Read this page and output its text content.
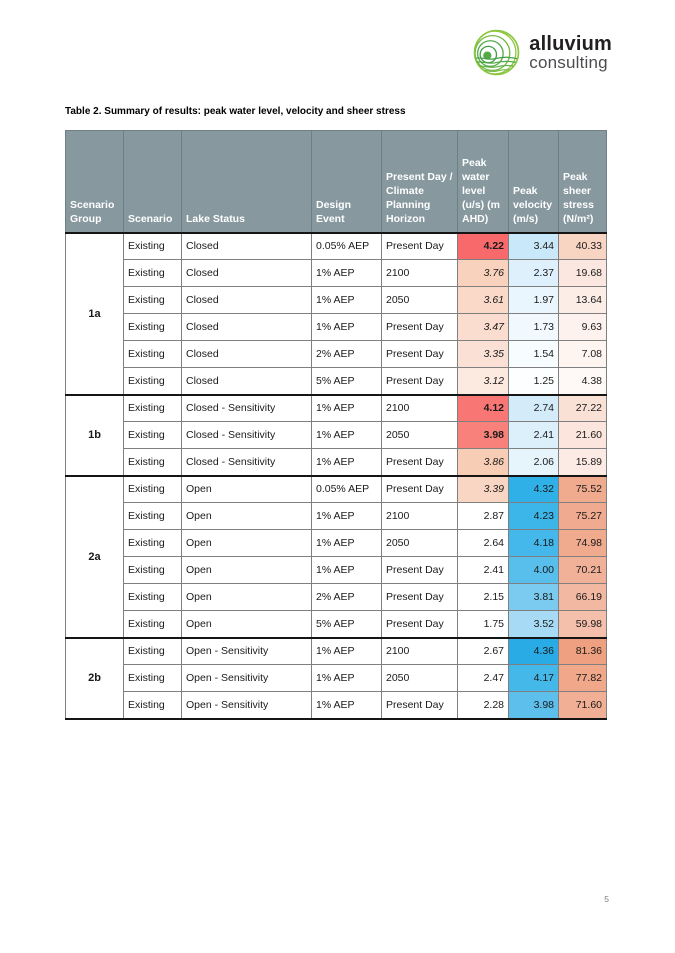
alluvium
consulting
Table 2. Summary of results: peak water level, velocity and sheer stress
Scenario Group	Scenario	Lake Status	Design Event	Present Day / Climate Planning Horizon	Peak water level (u/s) (m AHD)	Peak velocity (m/s)	Peak sheer stress (N/m²)
1a	Existing	Closed	0.05% AEP	Present Day	4.22	3.44	40.33
	Existing	Closed	1% AEP	2100	3.76	2.37	19.68
	Existing	Closed	1% AEP	2050	3.61	1.97	13.64
	Existing	Closed	1% AEP	Present Day	3.47	1.73	9.63
	Existing	Closed	2% AEP	Present Day	3.35	1.54	7.08
	Existing	Closed	5% AEP	Present Day	3.12	1.25	4.38
1b	Existing	Closed - Sensitivity	1% AEP	2100	4.12	2.74	27.22
	Existing	Closed - Sensitivity	1% AEP	2050	3.98	2.41	21.60
	Existing	Closed - Sensitivity	1% AEP	Present Day	3.86	2.06	15.89
2a	Existing	Open	0.05% AEP	Present Day	3.39	4.32	75.52
	Existing	Open	1% AEP	2100	2.87	4.23	75.27
	Existing	Open	1% AEP	2050	2.64	4.18	74.98
	Existing	Open	1% AEP	Present Day	2.41	4.00	70.21
	Existing	Open	2% AEP	Present Day	2.15	3.81	66.19
	Existing	Open	5% AEP	Present Day	1.75	3.52	59.98
2b	Existing	Open - Sensitivity	1% AEP	2100	2.67	4.36	81.36
	Existing	Open - Sensitivity	1% AEP	2050	2.47	4.17	77.82
	Existing	Open - Sensitivity	1% AEP	Present Day	2.28	3.98	71.60
5
